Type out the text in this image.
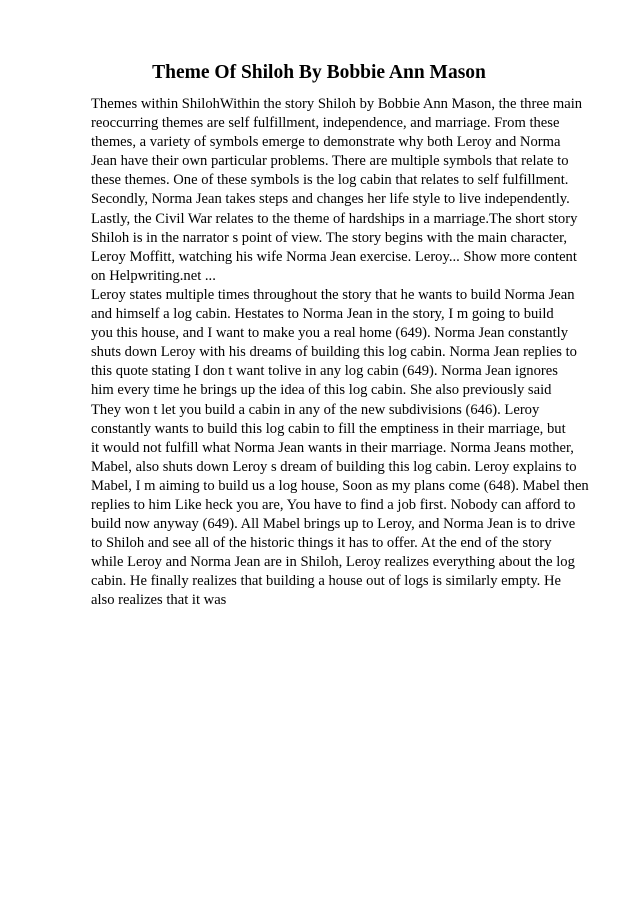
Theme Of Shiloh By Bobbie Ann Mason
Themes within ShilohWithin the story Shiloh by Bobbie Ann Mason, the three main
reoccurring themes are self fulfillment, independence, and marriage. From these
themes, a variety of symbols emerge to demonstrate why both Leroy and Norma
Jean have their own particular problems. There are multiple symbols that relate to
these themes. One of these symbols is the log cabin that relates to self fulfillment.
Secondly, Norma Jean takes steps and changes her life style to live independently.
Lastly, the Civil War relates to the theme of hardships in a marriage.The short story
Shiloh is in the narrator s point of view. The story begins with the main character,
Leroy Moffitt, watching his wife Norma Jean exercise. Leroy... Show more content
on Helpwriting.net ...
Leroy states multiple times throughout the story that he wants to build Norma Jean
and himself a log cabin. Hestates to Norma Jean in the story, I m going to build
you this house, and I want to make you a real home (649). Norma Jean constantly
shuts down Leroy with his dreams of building this log cabin. Norma Jean replies to
this quote stating I don t want tolive in any log cabin (649). Norma Jean ignores
him every time he brings up the idea of this log cabin. She also previously said
They won t let you build a cabin in any of the new subdivisions (646). Leroy
constantly wants to build this log cabin to fill the emptiness in their marriage, but
it would not fulfill what Norma Jean wants in their marriage. Norma Jeans mother,
Mabel, also shuts down Leroy s dream of building this log cabin. Leroy explains to
Mabel, I m aiming to build us a log house, Soon as my plans come (648). Mabel then
replies to him Like heck you are, You have to find a job first. Nobody can afford to
build now anyway (649). All Mabel brings up to Leroy, and Norma Jean is to drive
to Shiloh and see all of the historic things it has to offer. At the end of the story
while Leroy and Norma Jean are in Shiloh, Leroy realizes everything about the log
cabin. He finally realizes that building a house out of logs is similarly empty. He
also realizes that it was
